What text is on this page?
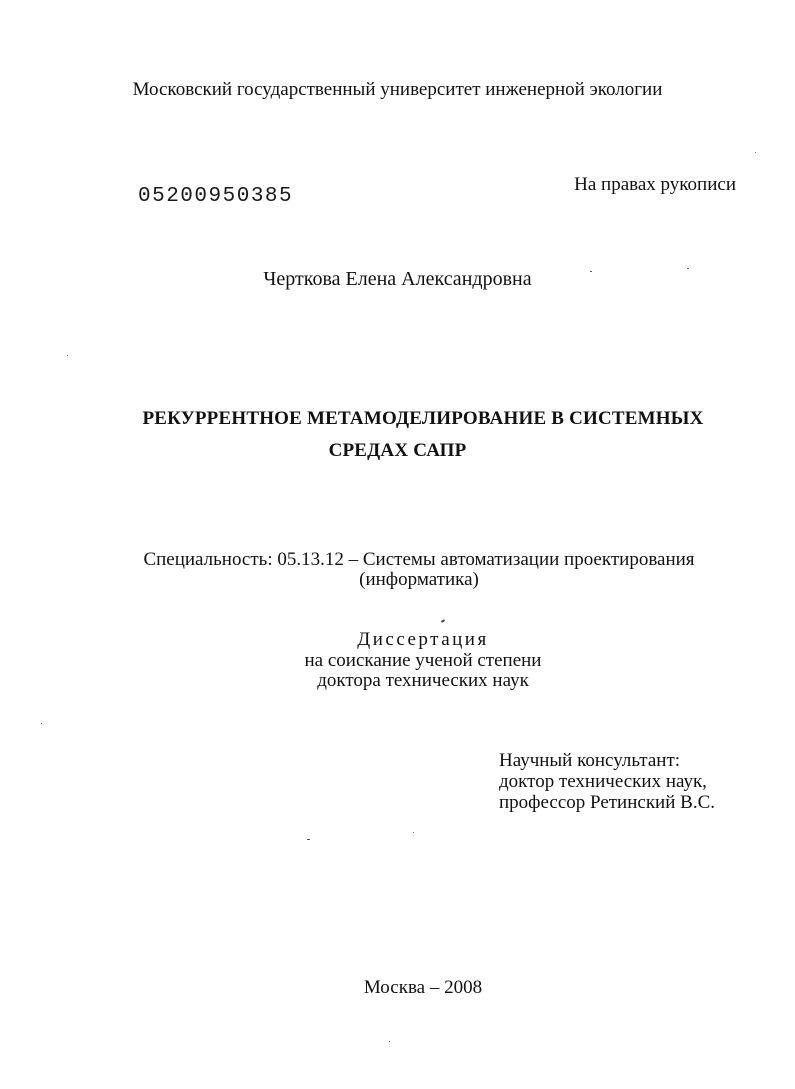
Московский государственный университет инженерной экологии
На правах рукописи
05200950385
Черткова Елена Александровна
РЕКУРРЕНТНОЕ МЕТАМОДЕЛИРОВАНИЕ В СИСТЕМНЫХ
СРЕДАХ САПР
Специальность: 05.13.12 – Системы автоматизации проектирования
(информатика)
Диссертация
на соискание ученой степени
доктора технических наук
Научный консультант:
доктор технических наук,
профессор Ретинский В.С.
Москва – 2008
